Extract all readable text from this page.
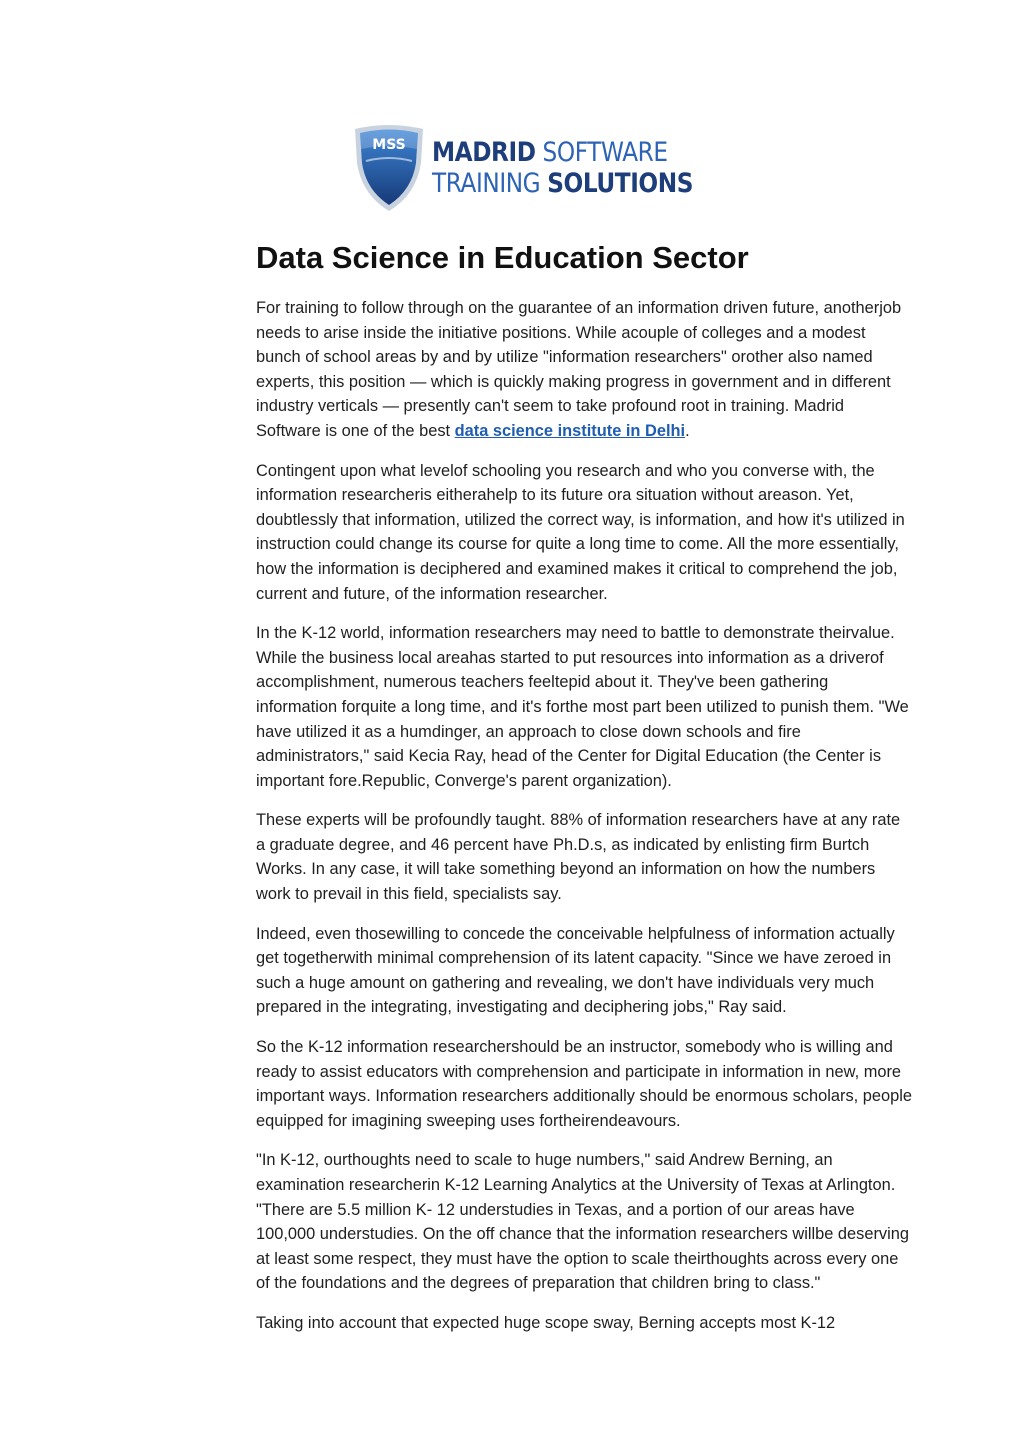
MSS MADRID SOFTWARE
TRAINING SOLUTIONS
Data Science in Education Sector

For training to follow through on the guarantee of an information driven future, anotherjob needs to arise inside the initiative positions. While acouple of colleges and a modest bunch of school areas by and by utilize "information researchers" orother also named experts, this position — which is quickly making progress in government and in different industry verticals — presently can't seem to take profound root in training. Madrid Software is one of the best data science institute in Delhi.

Contingent upon what levelof schooling you research and who you converse with, the information researcheris eitherahelp to its future ora situation without areason. Yet, doubtlessly that information, utilized the correct way, is information, and how it's utilized in instruction could change its course for quite a long time to come. All the more essentially, how the information is deciphered and examined makes it critical to comprehend the job, current and future, of the information researcher.

In the K-12 world, information researchers may need to battle to demonstrate theirvalue. While the business local areahas started to put resources into information as a driverof accomplishment, numerous teachers feeltepid about it. They've been gathering information forquite a long time, and it's forthe most part been utilized to punish them. "We have utilized it as a humdinger, an approach to close down schools and fire administrators," said Kecia Ray, head of the Center for Digital Education (the Center is important fore.Republic, Converge's parent organization).

These experts will be profoundly taught. 88% of information researchers have at any rate a graduate degree, and 46 percent have Ph.D.s, as indicated by enlisting firm Burtch Works. In any case, it will take something beyond an information on how the numbers work to prevail in this field, specialists say.

Indeed, even thosewilling to concede the conceivable helpfulness of information actually get togetherwith minimal comprehension of its latent capacity. "Since we have zeroed in such a huge amount on gathering and revealing, we don't have individuals very much prepared in the integrating, investigating and deciphering jobs," Ray said.

So the K-12 information researchershould be an instructor, somebody who is willing and ready to assist educators with comprehension and participate in information in new, more important ways. Information researchers additionally should be enormous scholars, people equipped for imagining sweeping uses fortheirendeavours.

"In K-12, ourthoughts need to scale to huge numbers," said Andrew Berning, an examination researcherin K-12 Learning Analytics at the University of Texas at Arlington. "There are 5.5 million K- 12 understudies in Texas, and a portion of our areas have 100,000 understudies. On the off chance that the information researchers willbe deserving at least some respect, they must have the option to scale theirthoughts across every one of the foundations and the degrees of preparation that children bring to class."

Taking into account that expected huge scope sway, Berning accepts most K-12
